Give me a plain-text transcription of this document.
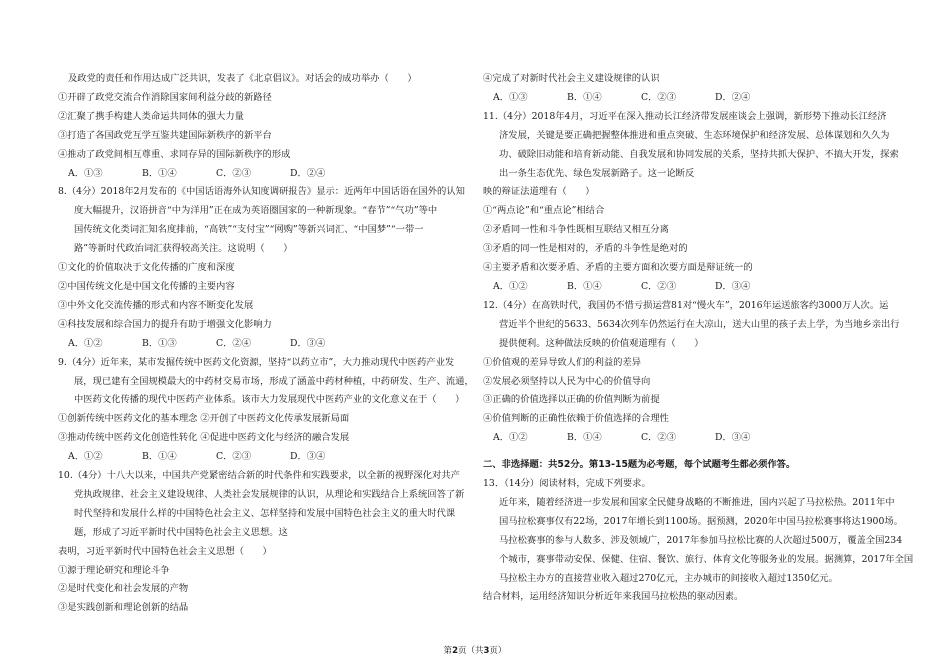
及政党的责任和作用达成广泛共识，发表了《北京倡议》。对话会的成功举办（　　）
①开辟了政党交流合作消除国家间利益分歧的新路径
②汇聚了携手构建人类命运共同体的强大力量
③打造了各国政党互学互鉴共建国际新秩序的新平台
④推动了政党间相互尊重、求同存异的国际新秩序的形成
A．①③	B．①④	C．②③	D．②④
8.（4分）2018年2月发布的《中国话语海外认知度调研报告》显示：近两年中国话语在国外的认知
度大幅提升，汉语拼音“中为洋用”正在成为英语圈国家的一种新现象。“春节”“气功”等中
国传统文化类词汇知名度排前，“高铁”“支付宝”“网购”等新兴词汇、“中国梦”“一带一
路”等新时代政治词汇获得较高关注。这说明（　　）
①文化的价值取决于文化传播的广度和深度
②中国传统文化是中国文化传播的主要内容
③中外文化交流传播的形式和内容不断变化发展
④科技发展和综合国力的提升有助于增强文化影响力
A．①②	B．①③	C．②④	D．③④
9.（4分）近年来，某市发掘传统中医药文化资源，坚持“以药立市”，大力推动现代中医药产业发
展，现已建有全国规模最大的中药材交易市场，形成了涵盖中药材种植，中药研发、生产、流通，
中医药文化传播的现代中医药产业体系。该市大力发展现代中医药产业的文化意义在于（　　）
①创新传统中医药文化的基本理念 ②开创了中医药文化传承发展新局面
③推动传统中医药文化创造性转化 ④促进中医药文化与经济的融合发展
A．①②	B．①④	C．②③	D．③④
10.（4分）十八大以来，中国共产党紧密结合新的时代条件和实践要求，以全新的视野深化对共产
党执政规律、社会主义建设规律、人类社会发展规律的认识，从理论和实践结合上系统回答了新
时代坚持和发展什么样的中国特色社会主义、怎样坚持和发展中国特色社会主义的重大时代课
题，形成了习近平新时代中国特色社会主义思想。这
表明，习近平新时代中国特色社会主义思想（　　）
①源于理论研究和理论斗争
②是时代变化和社会发展的产物
③是实践创新和理论创新的结晶
④完成了对新时代社会主义建设规律的认识
A．①③	B．①④	C．②③	D．②④
11.（4分）2018年4月，习近平在深入推动长江经济带发展座谈会上强调，新形势下推动长江经济
济发展，关键是要正确把握整体推进和重点突破、生态环境保护和经济发展、总体谋划和久久为
功、破除旧动能和培育新动能、自我发展和协同发展的关系，坚持共抓大保护、不搞大开发，探索
出一条生态优先、绿色发展新路子。这一论断反
映的辩证法道理有（　　）
①“两点论”和“重点论”相结合
②矛盾同一性和斗争性既相互联结又相互分离
③矛盾的同一性是相对的，矛盾的斗争性是绝对的
④主要矛盾和次要矛盾、矛盾的主要方面和次要方面是辩证统一的
A．①②	B．①④	C．②③	D．③④
12.（4分）在高铁时代，我国仍不惜亏损运营81对“慢火车”，2016年运送旅客约3000万人次。运
营近半个世纪的5633、5634次列车仍然运行在大凉山，送大山里的孩子去上学，为当地乡亲出行
提供便利。这种做法反映的价值观道理有（　　）
①价值观的差异导致人们的利益的差异
②发展必须坚持以人民为中心的价值导向
③正确的价值选择以正确的价值判断为前提
④价值判断的正确性依赖于价值选择的合理性
A．①②	B．①④	C．②③	D．③④
二、非选择题：共52分。第13-15题为必考题，每个试题考生都必须作答。
13．（14分）阅读材料，完成下列要求。
近年来，随着经济进一步发展和国家全民健身战略的不断推进，国内兴起了马拉松热。2011年中
国马拉松赛事仅有22场，2017年增长到1100场。据预测，2020年中国马拉松赛事将达1900场。
马拉松赛事的参与人数多、涉及领域广，2017年参加马拉松比赛的人次超过500万，覆盖全国234
个城市，赛事带动安保、保健、住宿、餐饮、旅行、体育文化等服务业的发展。据测算，2017年全国
马拉松主办方的直接营业收入超过270亿元，主办城市的间接收入超过1350亿元。
结合材料，运用经济知识分析近年来我国马拉松热的驱动因素。
第2页（共3页）
